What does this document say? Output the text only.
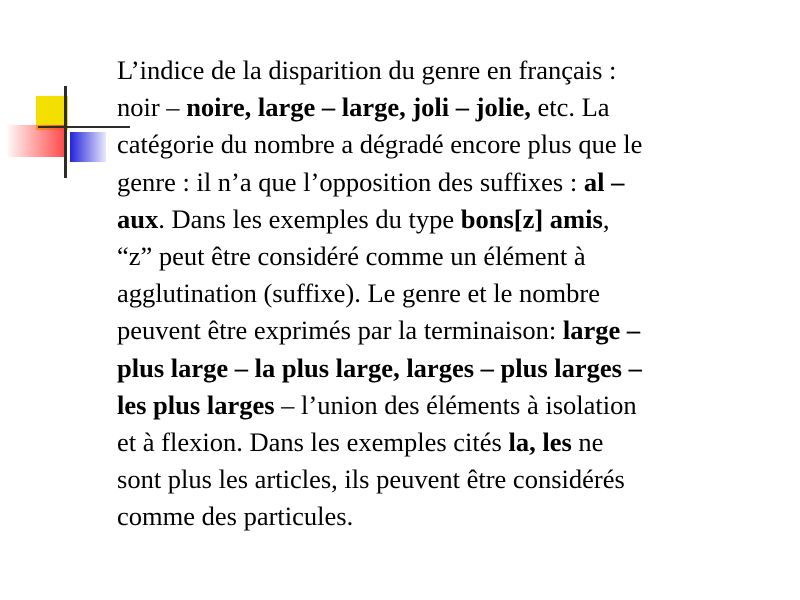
L’indice de la disparition du genre en français :
noir – noire, large – large, joli – jolie, etc. La
catégorie du nombre a dégradé encore plus que le
genre : il n’a que l’opposition des suffixes : al –
aux. Dans les exemples du type bons[z] amis,
“z” peut être considéré comme un élément à
agglutination (suffixe). Le genre et le nombre
peuvent être exprimés par la terminaison: large –
plus large – la plus large, larges – plus larges –
les plus larges – l’union des éléments à isolation
et à flexion. Dans les exemples cités la, les ne
sont plus les articles, ils peuvent être considérés
comme des particules.
